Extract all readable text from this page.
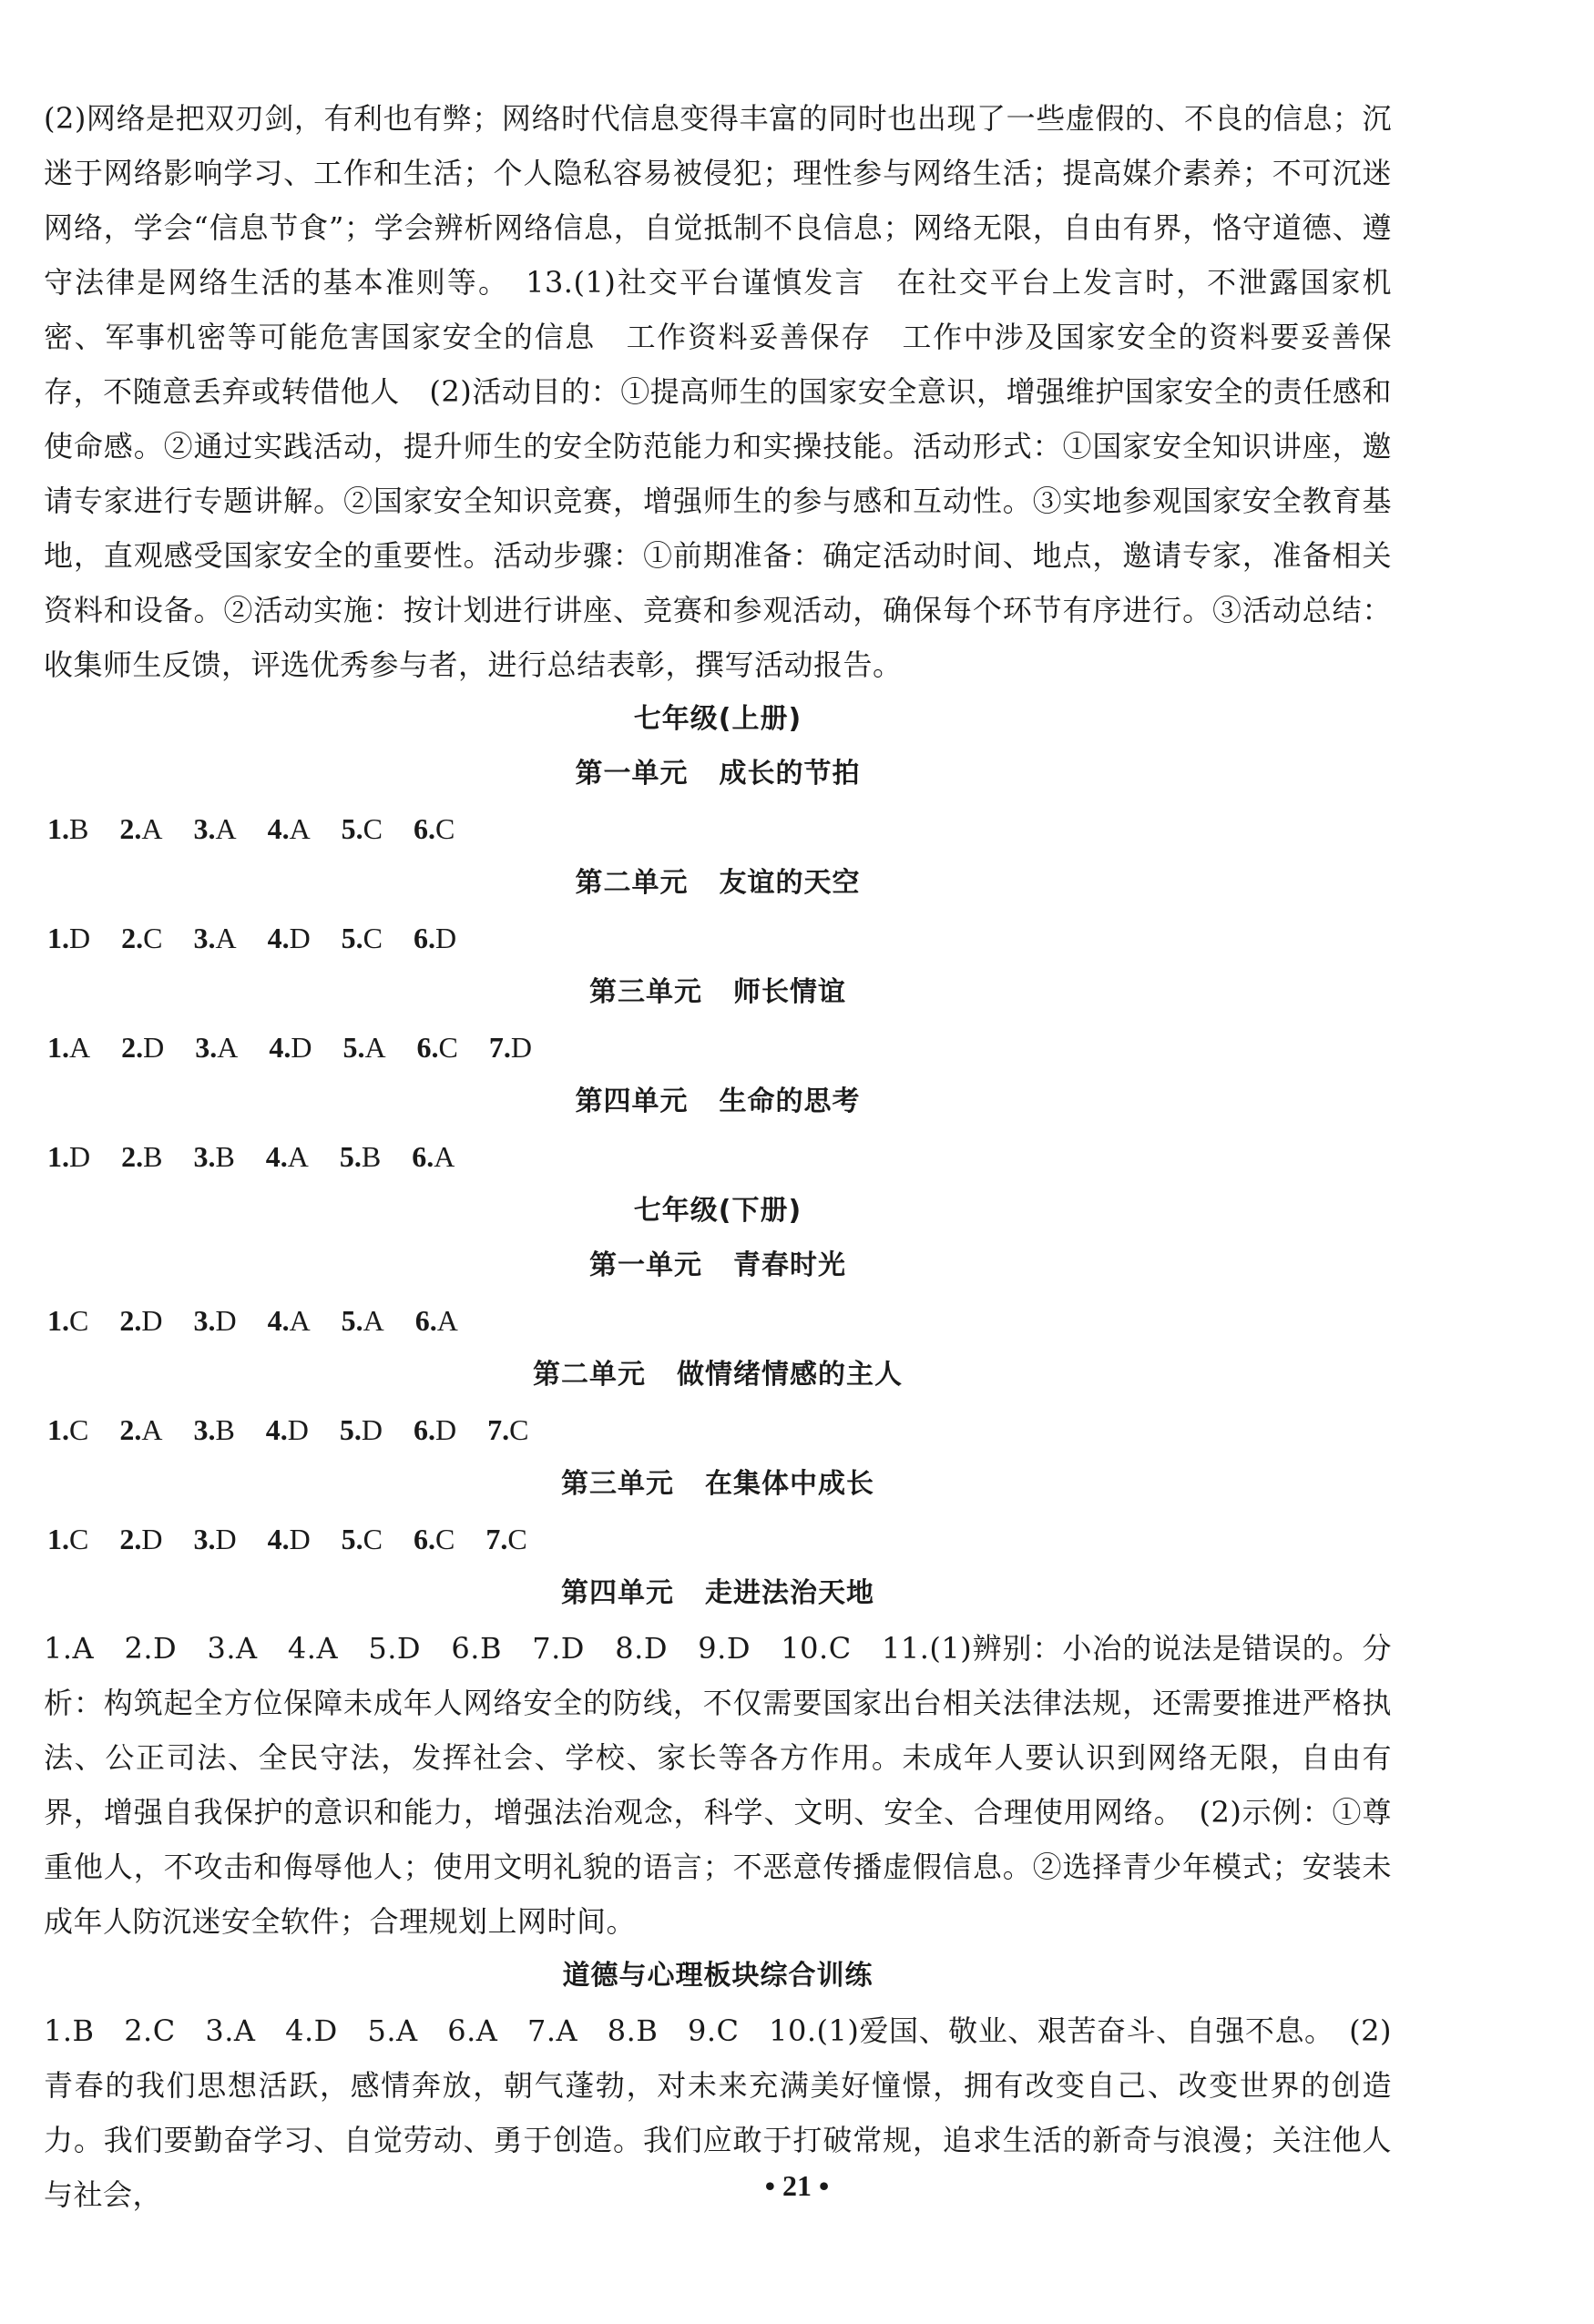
(2)网络是把双刃剑，有利也有弊；网络时代信息变得丰富的同时也出现了一些虚假的、不良的信息；沉迷于网络影响学习、工作和生活；个人隐私容易被侵犯；理性参与网络生活；提高媒介素养；不可沉迷网络，学会“信息节食”；学会辨析网络信息，自觉抵制不良信息；网络无限，自由有界，恪守道德、遵守法律是网络生活的基本准则等。　13.(1)社交平台谨慎发言　在社交平台上发言时，不泄露国家机密、军事机密等可能危害国家安全的信息　工作资料妥善保存　工作中涉及国家安全的资料要妥善保存，不随意丢弃或转借他人　(2)活动目的：①提高师生的国家安全意识，增强维护国家安全的责任感和使命感。②通过实践活动，提升师生的安全防范能力和实操技能。活动形式：①国家安全知识讲座，邀请专家进行专题讲解。②国家安全知识竞赛，增强师生的参与感和互动性。③实地参观国家安全教育基地，直观感受国家安全的重要性。活动步骤：①前期准备：确定活动时间、地点，邀请专家，准备相关资料和设备。②活动实施：按计划进行讲座、竞赛和参观活动，确保每个环节有序进行。③活动总结：收集师生反馈，评选优秀参与者，进行总结表彰，撰写活动报告。

七年级(上册)
第一单元 成长的节拍
1.B 2.A 3.A 4.A 5.C 6.C
第二单元 友谊的天空
1.D 2.C 3.A 4.D 5.C 6.D
第三单元 师长情谊
1.A 2.D 3.A 4.D 5.A 6.C 7.D
第四单元 生命的思考
1.D 2.B 3.B 4.A 5.B 6.A
七年级(下册)
第一单元 青春时光
1.C 2.D 3.D 4.A 5.A 6.A
第二单元 做情绪情感的主人
1.C 2.A 3.B 4.D 5.D 6.D 7.C
第三单元 在集体中成长
1.C 2.D 3.D 4.D 5.C 6.C 7.C
第四单元 走进法治天地

1.A　2.D　3.A　4.A　5.D　6.B　7.D　8.D　9.D　10.C　11.(1)辨别：小冶的说法是错误的。分析：构筑起全方位保障未成年人网络安全的防线，不仅需要国家出台相关法律法规，还需要推进严格执法、公正司法、全民守法，发挥社会、学校、家长等各方作用。未成年人要认识到网络无限，自由有界，增强自我保护的意识和能力，增强法治观念，科学、文明、安全、合理使用网络。　(2)示例：①尊重他人，不攻击和侮辱他人；使用文明礼貌的语言；不恶意传播虚假信息。②选择青少年模式；安装未成年人防沉迷安全软件；合理规划上网时间。

道德与心理板块综合训练

1.B　2.C　3.A　4.D　5.A　6.A　7.A　8.B　9.C　10.(1)爱国、敬业、艰苦奋斗、自强不息。　(2)青春的我们思想活跃，感情奔放，朝气蓬勃，对未来充满美好憧憬，拥有改变自己、改变世界的创造力。我们要勤奋学习、自觉劳动、勇于创造。我们应敢于打破常规，追求生活的新奇与浪漫；关注他人与社会，	• 21 •
